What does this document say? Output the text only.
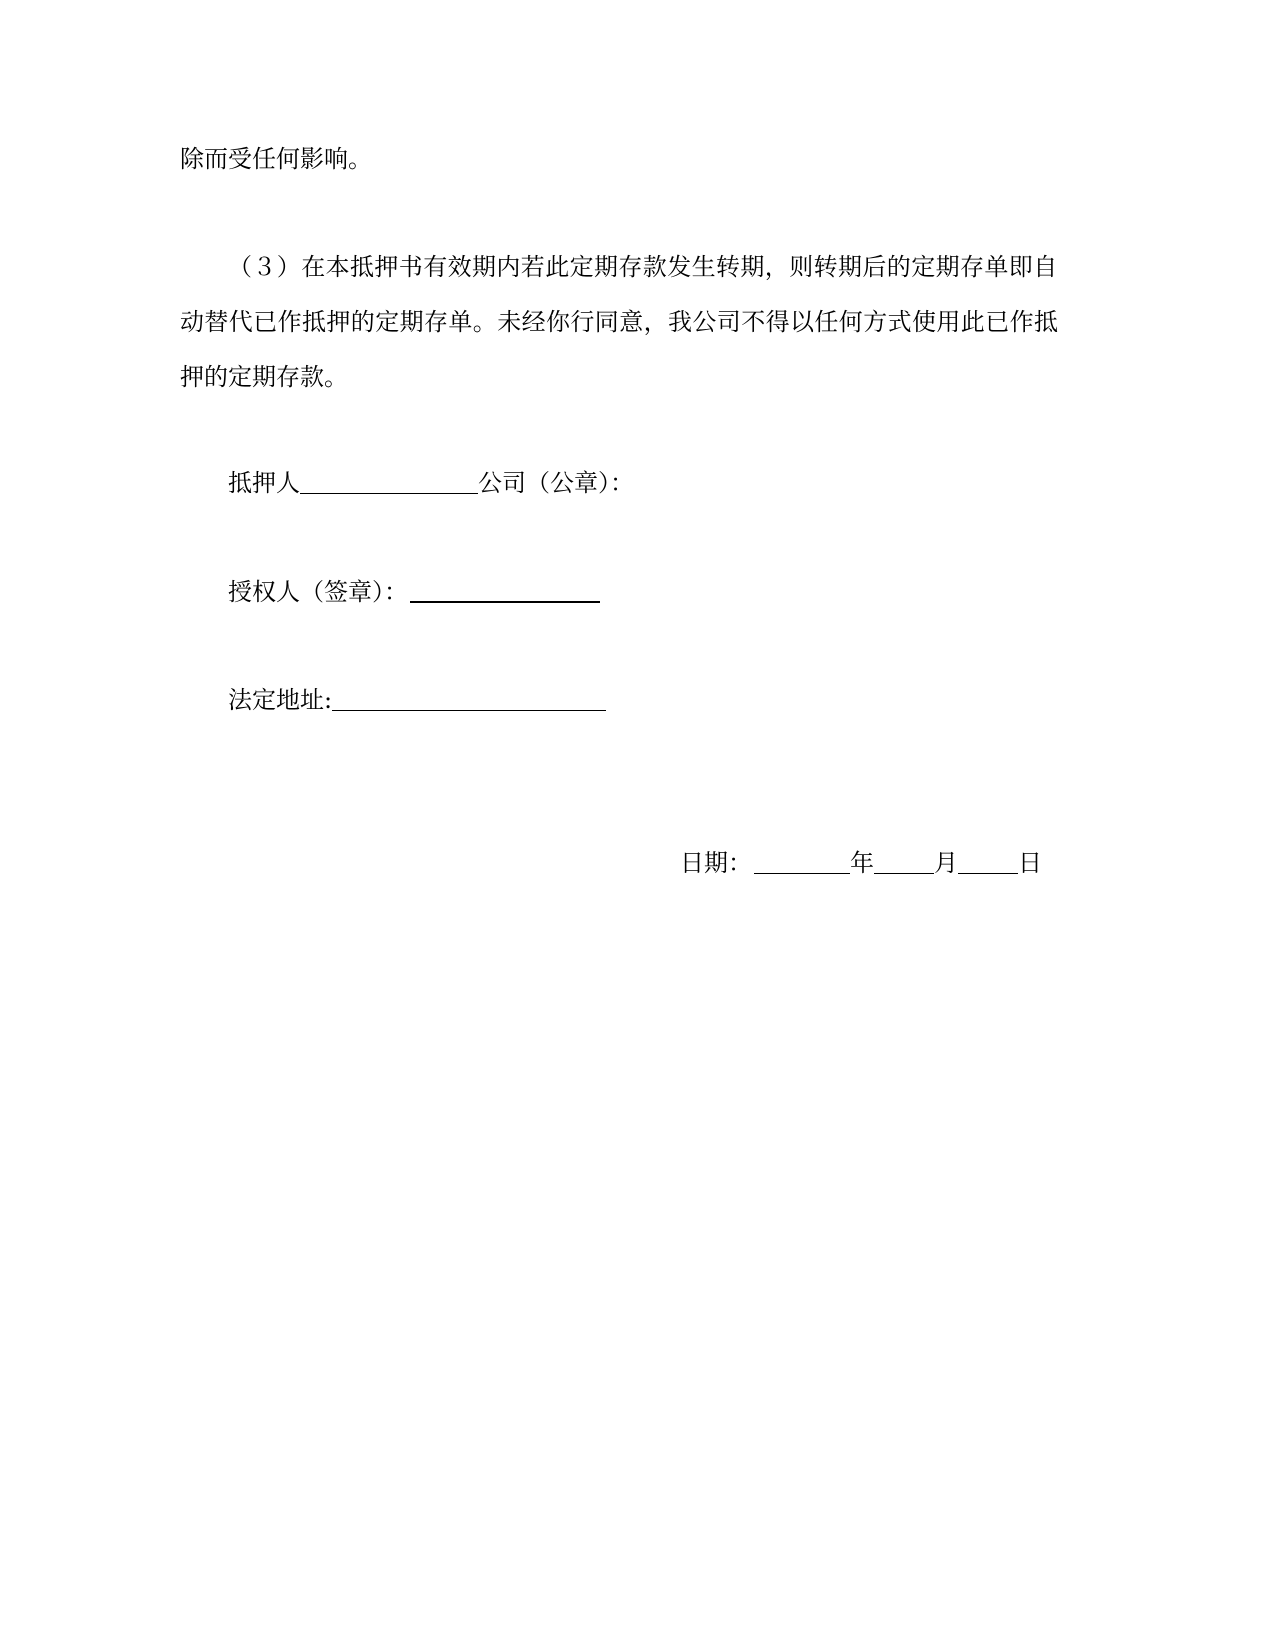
除而受任何影响。
（３）在本抵押书有效期内若此定期存款发生转期，则转期后的定期存单即自
动替代已作抵押的定期存单。未经你行同意，我公司不得以任何方式使用此已作抵
押的定期存款。
抵押人	公司（公章）：
授权人（签章）：
法定地址:
日期：	年	月	日
